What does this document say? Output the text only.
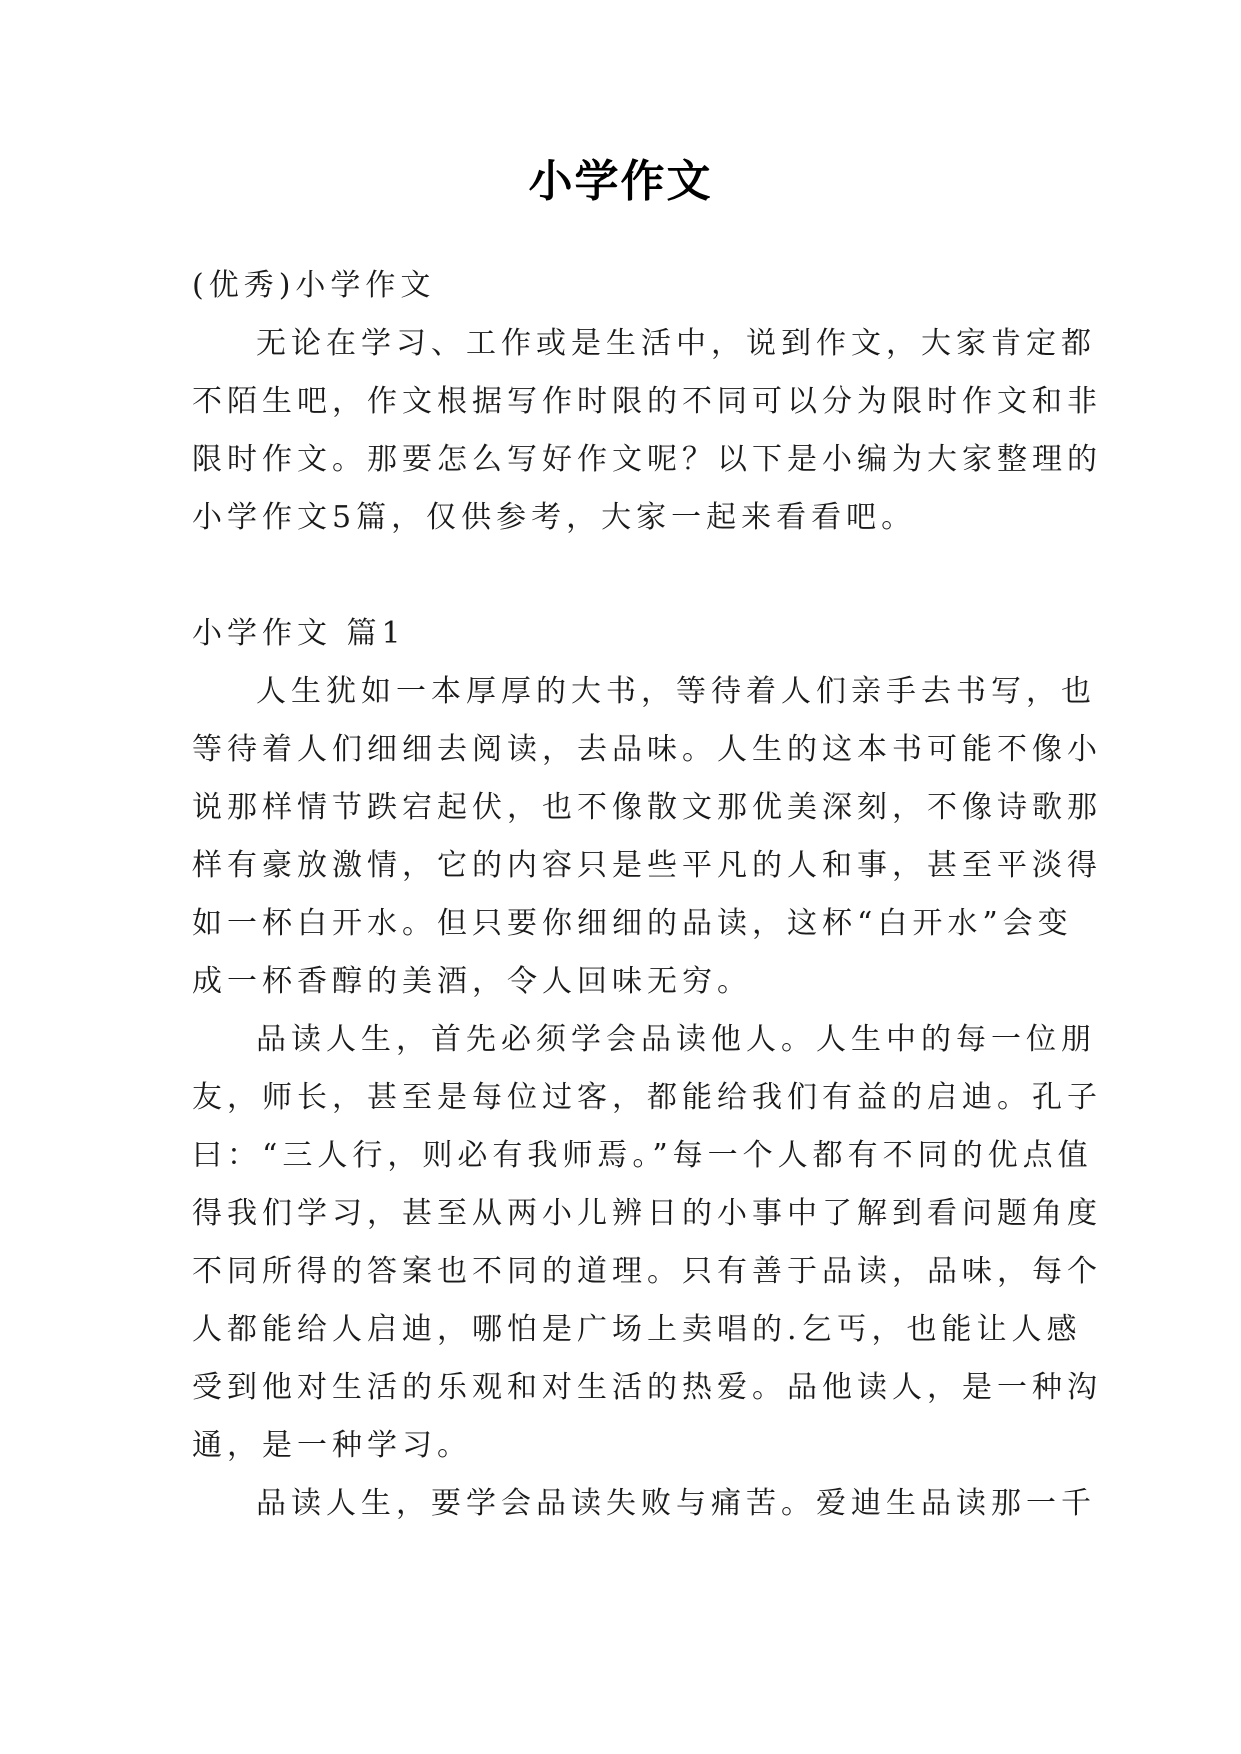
小学作文
(优秀)小学作文
无论在学习、工作或是生活中，说到作文，大家肯定都
不陌生吧，作文根据写作时限的不同可以分为限时作文和非
限时作文。那要怎么写好作文呢？以下是小编为大家整理的
小学作文5篇，仅供参考，大家一起来看看吧。
小学作文 篇1
人生犹如一本厚厚的大书，等待着人们亲手去书写，也
等待着人们细细去阅读，去品味。人生的这本书可能不像小
说那样情节跌宕起伏，也不像散文那优美深刻，不像诗歌那
样有豪放激情，它的内容只是些平凡的人和事，甚至平淡得
如一杯白开水。但只要你细细的品读，这杯“白开水”会变
成一杯香醇的美酒，令人回味无穷。
品读人生，首先必须学会品读他人。人生中的每一位朋
友，师长，甚至是每位过客，都能给我们有益的启迪。孔子
曰：“三人行，则必有我师焉。”每一个人都有不同的优点值
得我们学习，甚至从两小儿辨日的小事中了解到看问题角度
不同所得的答案也不同的道理。只有善于品读，品味，每个
人都能给人启迪，哪怕是广场上卖唱的.乞丐，也能让人感
受到他对生活的乐观和对生活的热爱。品他读人，是一种沟
通，是一种学习。
品读人生，要学会品读失败与痛苦。爱迪生品读那一千
